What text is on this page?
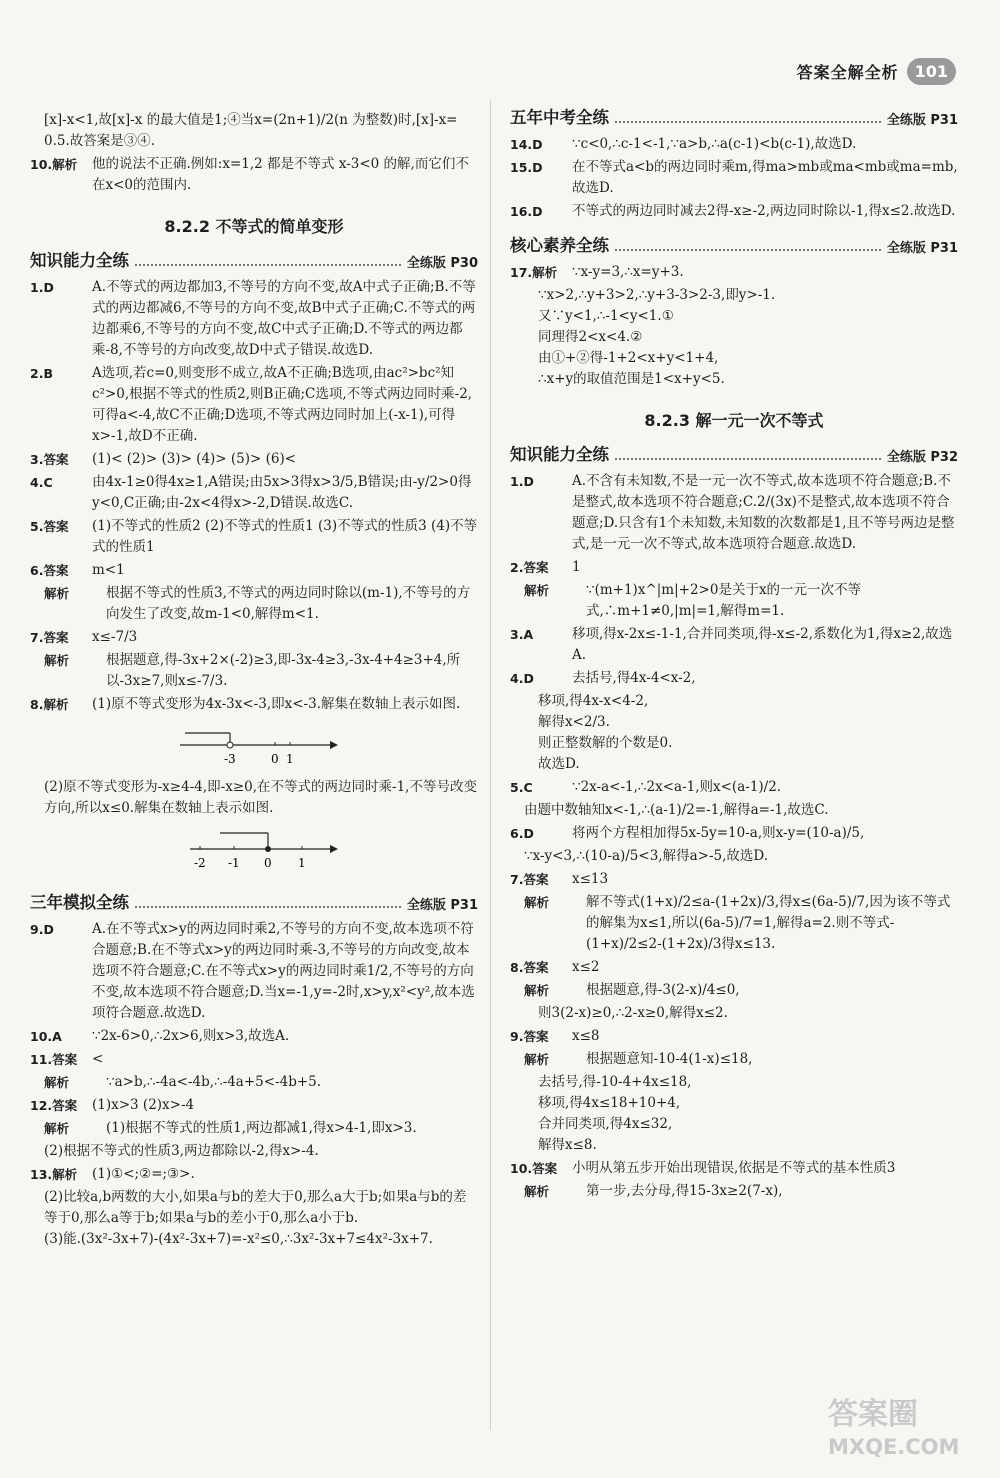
答案全解全析	101
[x]-x<1,故[x]-x 的最大值是1;④当x=(2n+1)/2(n 为整数)时,[x]-x=
0.5.故答案是③④.
10.解析	他的说法不正确.例如:x=1,2 都是不等式 x-3<0 的解,而它们不在x<0的范围内.
8.2.2 不等式的简单变形
知识能力全练	全练版 P30
1.D	A.不等式的两边都加3,不等号的方向不变,故A中式子正确;B.不等式的两边都减6,不等号的方向不变,故B中式子正确;C.不等式的两边都乘6,不等号的方向不变,故C中式子正确;D.不等式的两边都乘-8,不等号的方向改变,故D中式子错误.故选D.
2.B	A选项,若c=0,则变形不成立,故A不正确;B选项,由ac²>bc²知c²>0,根据不等式的性质2,则B正确;C选项,不等式两边同时乘-2,可得a<-4,故C不正确;D选项,不等式两边同时加上(-x-1),可得x>-1,故D不正确.
3.答案	(1)< (2)> (3)> (4)> (5)> (6)<
4.C	由4x-1≥0得4x≥1,A错误;由5x>3得x>3/5,B错误;由-y/2>0得y<0,C正确;由-2x<4得x>-2,D错误.故选C.
5.答案	(1)不等式的性质2 (2)不等式的性质1 (3)不等式的性质3 (4)不等式的性质1
6.答案	m<1
解析	根据不等式的性质3,不等式的两边同时除以(m-1),不等号的方向发生了改变,故m-1<0,解得m<1.
7.答案	x≤-7/3
解析	根据题意,得-3x+2×(-2)≥3,即-3x-4≥3,-3x-4+4≥3+4,所以-3x≥7,则x≤-7/3.
8.解析	(1)原不等式变形为4x-3x<-3,即x<-3.解集在数轴上表示如图.
-3	0 1
(2)原不等式变形为-x≥4-4,即-x≥0,在不等式的两边同时乘-1,不等号改变方向,所以x≤0.解集在数轴上表示如图.
-2 -1 0 1
三年模拟全练	全练版 P31
9.D	A.在不等式x>y的两边同时乘2,不等号的方向不变,故本选项不符合题意;B.在不等式x>y的两边同时乘-3,不等号的方向改变,故本选项不符合题意;C.在不等式x>y的两边同时乘1/2,不等号的方向不变,故本选项不符合题意;D.当x=-1,y=-2时,x>y,x²<y²,故本选项符合题意.故选D.
10.A	∵2x-6>0,∴2x>6,则x>3,故选A.
11.答案	<
解析	∵a>b,∴-4a<-4b,∴-4a+5<-4b+5.
12.答案	(1)x>3 (2)x>-4
解析	(1)根据不等式的性质1,两边都减1,得x>4-1,即x>3.
(2)根据不等式的性质3,两边都除以-2,得x>-4.
13.解析	(1)①<;②=;③>.
(2)比较a,b两数的大小,如果a与b的差大于0,那么a大于b;如果a与b的差等于0,那么a等于b;如果a与b的差小于0,那么a小于b.
(3)能.(3x²-3x+7)-(4x²-3x+7)=-x²≤0,∴3x²-3x+7≤4x²-3x+7.
五年中考全练	全练版 P31
14.D	∵c<0,∴c-1<-1,∵a>b,∴a(c-1)<b(c-1),故选D.
15.D	在不等式a<b的两边同时乘m,得ma>mb或ma<mb或ma=mb,故选D.
16.D	不等式的两边同时减去2得-x≥-2,两边同时除以-1,得x≤2.故选D.
核心素养全练	全练版 P31
17.解析	∵x-y=3,∴x=y+3.
∵x>2,∴y+3>2,∴y+3-3>2-3,即y>-1.
又∵y<1,∴-1<y<1.①
同理得2<x<4.②
由①+②得-1+2<x+y<1+4,
∴x+y的取值范围是1<x+y<5.
8.2.3 解一元一次不等式
知识能力全练	全练版 P32
1.D	A.不含有未知数,不是一元一次不等式,故本选项不符合题意;B.不是整式,故本选项不符合题意;C.2/(3x)不是整式,故本选项不符合题意;D.只含有1个未知数,未知数的次数都是1,且不等号两边是整式,是一元一次不等式,故本选项符合题意.故选D.
2.答案	1
解析	∵(m+1)x^|m|+2>0是关于x的一元一次不等式,∴m+1≠0,|m|=1,解得m=1.
3.A	移项,得x-2x≤-1-1,合并同类项,得-x≤-2,系数化为1,得x≥2,故选A.
4.D	去括号,得4x-4<x-2,
移项,得4x-x<4-2,
解得x<2/3.
则正整数解的个数是0.
故选D.
5.C	∵2x-a<-1,∴2x<a-1,则x<(a-1)/2.
由题中数轴知x<-1,∴(a-1)/2=-1,解得a=-1,故选C.
6.D	将两个方程相加得5x-5y=10-a,则x-y=(10-a)/5,
∵x-y<3,∴(10-a)/5<3,解得a>-5,故选D.
7.答案	x≤13
解析	解不等式(1+x)/2≤a-(1+2x)/3,得x≤(6a-5)/7,因为该不等式的解集为x≤1,所以(6a-5)/7=1,解得a=2.则不等式-(1+x)/2≤2-(1+2x)/3得x≤13.
8.答案	x≤2
解析	根据题意,得-3(2-x)/4≤0,
则3(2-x)≥0,∴2-x≥0,解得x≤2.
9.答案	x≤8
解析	根据题意知-10-4(1-x)≤18,
去括号,得-10-4+4x≤18,
移项,得4x≤18+10+4,
合并同类项,得4x≤32,
解得x≤8.
10.答案	小明从第五步开始出现错误,依据是不等式的基本性质3
解析	第一步,去分母,得15-3x≥2(7-x),
答案圈
MXQE.COM
